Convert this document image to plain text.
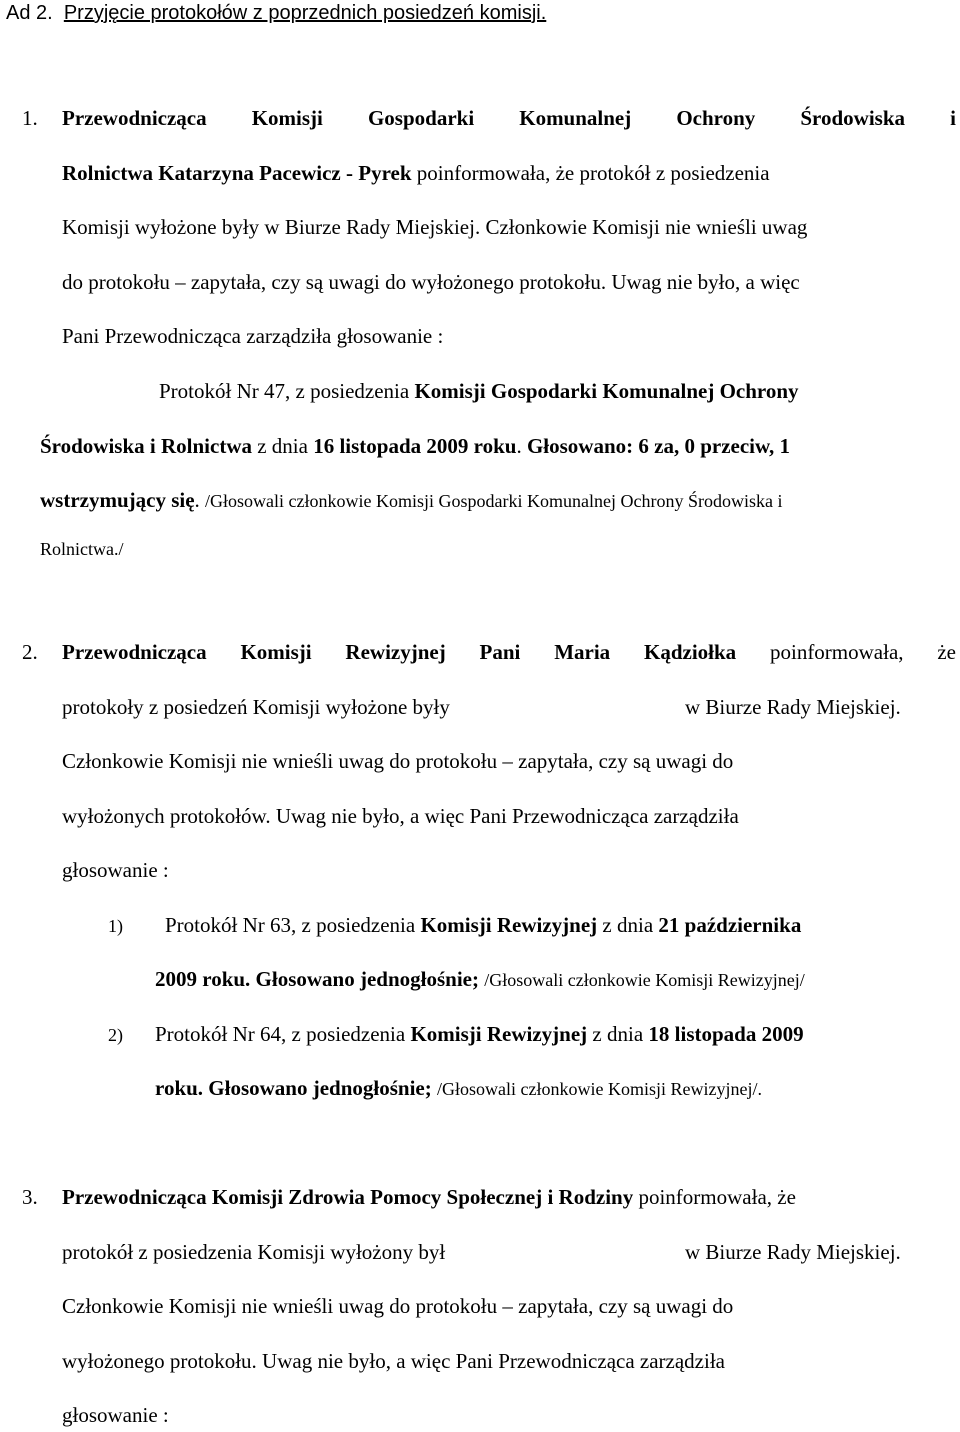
Ad 2. Przyjęcie protokołów z poprzednich posiedzeń komisji.
1. Przewodnicząca Komisji Gospodarki Komunalnej Ochrony Środowiska i
Rolnictwa Katarzyna Pacewicz - Pyrek poinformowała, że protokół z posiedzenia
Komisji wyłożone były w Biurze Rady Miejskiej. Członkowie Komisji nie wnieśli uwag
do protokołu – zapytała, czy są uwagi do wyłożonego protokołu. Uwag nie było, a więc
Pani Przewodnicząca zarządziła głosowanie :
Protokół Nr 47, z posiedzenia Komisji Gospodarki Komunalnej Ochrony
Środowiska i Rolnictwa z dnia 16 listopada 2009 roku. Głosowano: 6 za, 0 przeciw, 1
wstrzymujący się. /Głosowali członkowie Komisji Gospodarki Komunalnej Ochrony Środowiska i
Rolnictwa./
2. Przewodnicząca Komisji Rewizyjnej Pani Maria Kądziołka poinformowała, że
protokoły z posiedzeń Komisji wyłożone były	w Biurze Rady Miejskiej.
Członkowie Komisji nie wnieśli uwag do protokołu – zapytała, czy są uwagi do
wyłożonych protokołów. Uwag nie było, a więc Pani Przewodnicząca zarządziła
głosowanie :
1) Protokół Nr 63, z posiedzenia Komisji Rewizyjnej z dnia 21 października
2009 roku. Głosowano jednogłośnie; /Głosowali członkowie Komisji Rewizyjnej/
2) Protokół Nr 64, z posiedzenia Komisji Rewizyjnej z dnia 18 listopada 2009
roku. Głosowano jednogłośnie; /Głosowali członkowie Komisji Rewizyjnej/.
3. Przewodnicząca Komisji Zdrowia Pomocy Społecznej i Rodziny poinformowała, że
protokół z posiedzenia Komisji wyłożony był	w Biurze Rady Miejskiej.
Członkowie Komisji nie wnieśli uwag do protokołu – zapytała, czy są uwagi do
wyłożonego protokołu. Uwag nie było, a więc Pani Przewodnicząca zarządziła
głosowanie :
